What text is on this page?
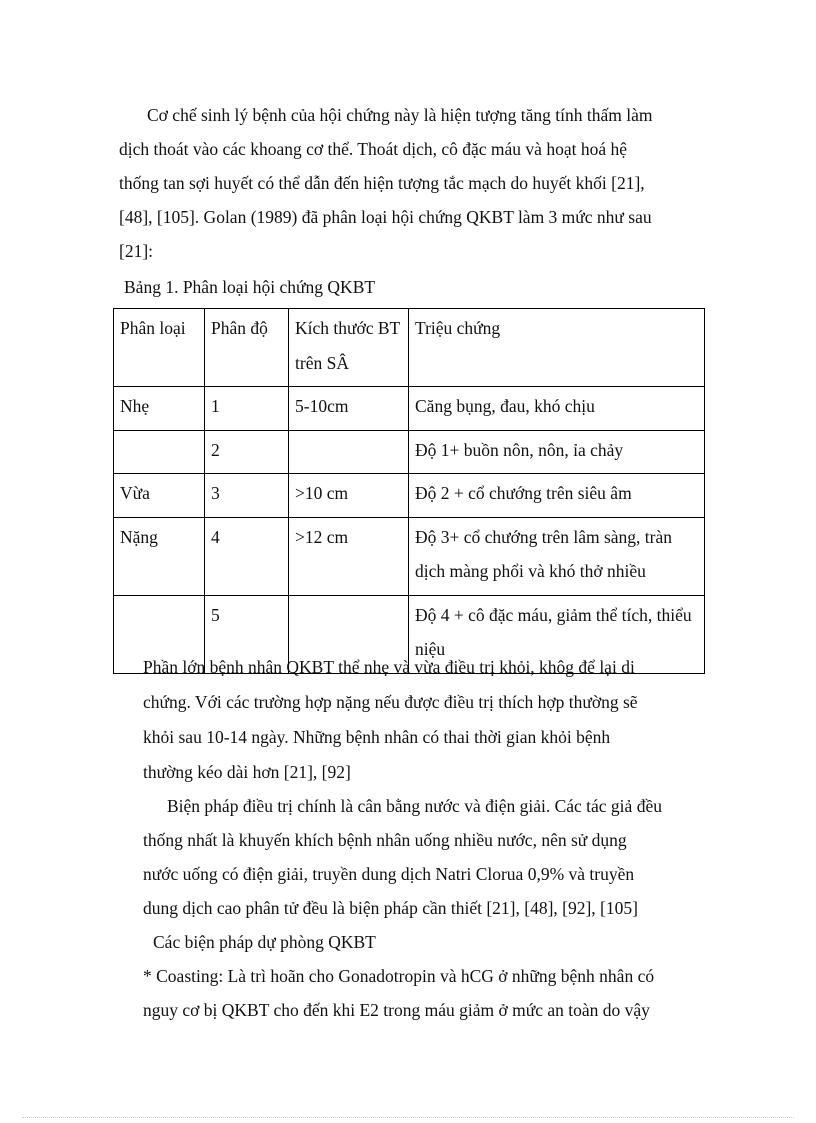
Cơ chế sinh lý bệnh của hội chứng này là hiện tượng tăng tính thấm làm
dịch thoát vào các khoang cơ thể. Thoát dịch, cô đặc máu và hoạt hoá hệ
thống tan sợi huyết có thể dẫn đến hiện tượng tắc mạch do huyết khối [21],
[48], [105]. Golan (1989) đã phân loại hội chứng QKBT làm 3 mức như sau
[21]:
Bảng 1. Phân loại hội chứng QKBT
Phân loại	Phân độ	Kích thước BT trên SÂ	Triệu chứng
Nhẹ	1	5-10cm	Căng bụng, đau, khó chịu
	2		Độ 1+ buồn nôn, nôn, ỉa chảy
Vừa	3	>10 cm	Độ 2 + cổ chướng trên siêu âm
Nặng	4	>12 cm	Độ 3+ cổ chướng trên lâm sàng, tràn dịch màng phổi và khó thở nhiều
	5		Độ 4 + cô đặc máu, giảm thể tích, thiểu niệu
Phần lớn bệnh nhân QKBT thể nhẹ và vừa điều trị khỏi, khôg để lại di
chứng. Với các trường hợp nặng nếu được điều trị thích hợp thường sẽ
khỏi sau 10-14 ngày. Những bệnh nhân có thai thời gian khỏi bệnh
thường kéo dài hơn [21], [92]
Biện pháp điều trị chính là cân bằng nước và điện giải. Các tác giả đều
thống nhất là khuyến khích bệnh nhân uống nhiều nước, nên sử dụng
nước uống có điện giải, truyền dung dịch Natri Clorua 0,9% và truyền
dung dịch cao phân tử đều là biện pháp cần thiết [21], [48], [92], [105]
Các biện pháp dự phòng QKBT
* Coasting: Là trì hoãn cho Gonadotropin và hCG ở những bệnh nhân có
nguy cơ bị QKBT cho đến khi E2 trong máu giảm ở mức an toàn do vậy
